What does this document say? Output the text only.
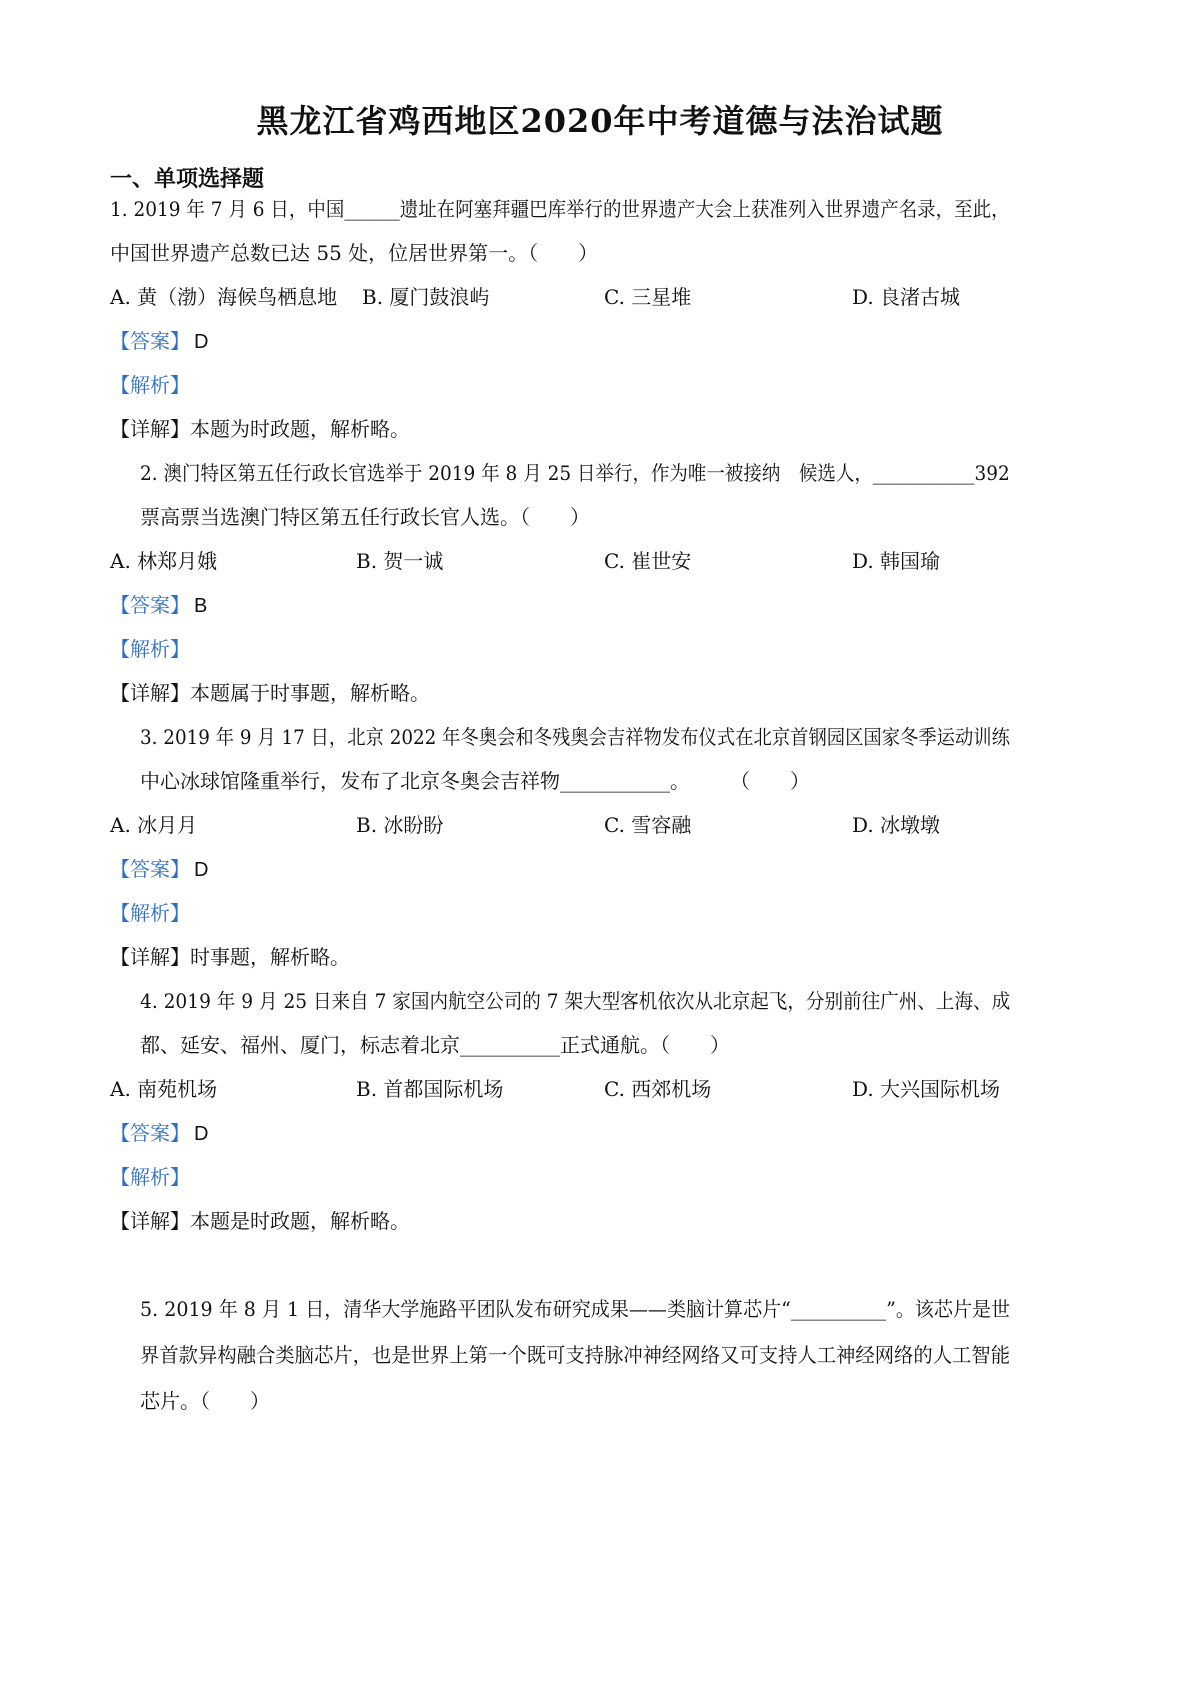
黑龙江省鸡西地区2020年中考道德与法治试题
一、单项选择题
1. 2019 年 7 月 6 日，中国______遗址在阿塞拜疆巴库举行的世界遗产大会上获准列入世界遗产名录，至此，
中国世界遗产总数已达 55 处，位居世界第一。（　　）
A. 黄（渤）海候鸟栖息地 B. 厦门鼓浪屿	C. 三星堆	D. 良渚古城
【答案】 D
【解析】
【详解】本题为时政题，解析略。
2. 澳门特区第五任行政长官选举于 2019 年 8 月 25 日举行，作为唯一被接纳　候选人，___________392
票高票当选澳门特区第五任行政长官人选。（　　）
A. 林郑月娥	B. 贺一诚	C. 崔世安	D. 韩国瑜
【答案】 B
【解析】
【详解】本题属于时事题，解析略。
3. 2019 年 9 月 17 日，北京 2022 年冬奥会和冬残奥会吉祥物发布仪式在北京首钢园区国家冬季运动训练
中心冰球馆隆重举行，发布了北京冬奥会吉祥物___________。　　　（　　）
A. 冰月月	B. 冰盼盼	C. 雪容融	D. 冰墩墩
【答案】 D
【解析】
【详解】时事题，解析略。
4. 2019 年 9 月 25 日来自 7 家国内航空公司的 7 架大型客机依次从北京起飞，分别前往广州、上海、成
都、延安、福州、厦门，标志着北京__________正式通航。（　　）
A. 南苑机场	B. 首都国际机场	C. 西郊机场	D. 大兴国际机场
【答案】 D
【解析】
【详解】本题是时政题，解析略。
5. 2019 年 8 月 1 日，清华大学施路平团队发布研究成果——类脑计算芯片“__________”。该芯片是世
界首款异构融合类脑芯片，也是世界上第一个既可支持脉冲神经网络又可支持人工神经网络的人工智能
芯片。（　　）
